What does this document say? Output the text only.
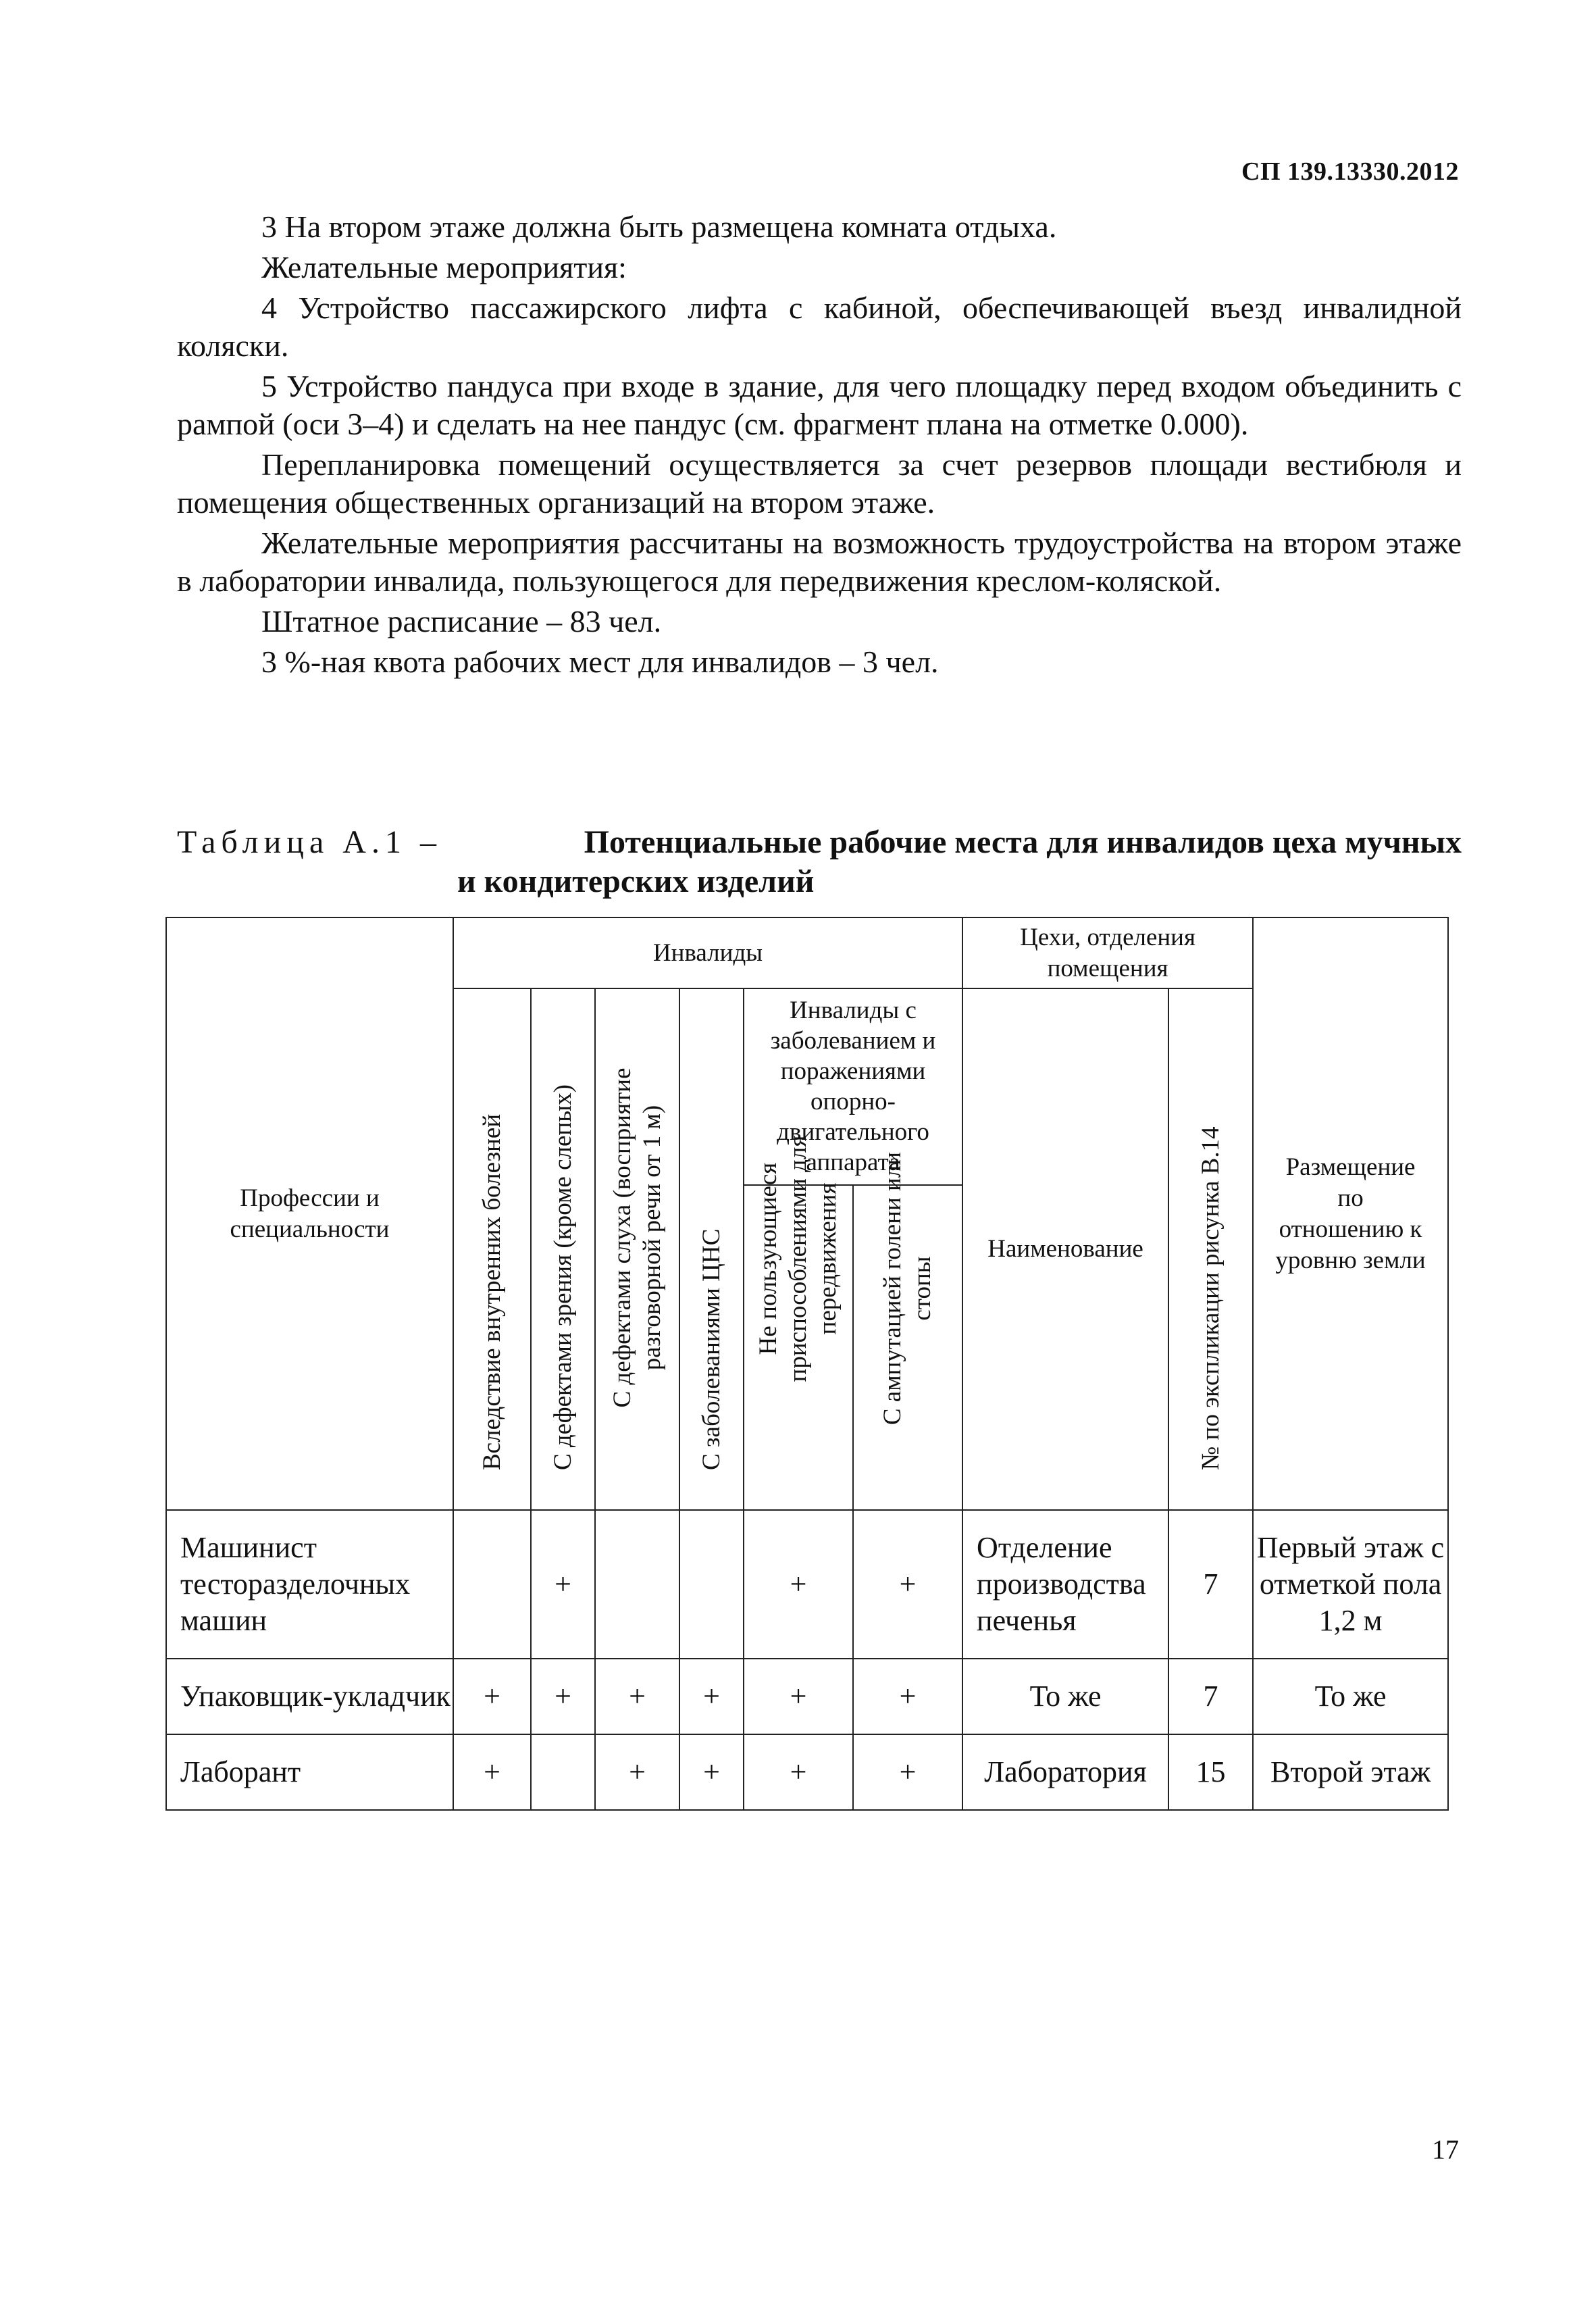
СП 139.13330.2012

3 На втором этаже должна быть размещена комната отдыха.

Желательные мероприятия:

4 Устройство пассажирского лифта с кабиной, обеспечивающей въезд инвалидной коляски.

5 Устройство пандуса при входе в здание, для чего площадку перед входом объединить с рампой (оси 3–4) и сделать на нее пандус (см. фрагмент плана на отметке 0.000).

Перепланировка помещений осуществляется за счет резервов площади вестибюля и помещения общественных организаций на втором этаже.

Желательные мероприятия рассчитаны на возможность трудоустройства на втором этаже в лаборатории инвалида, пользующегося для передвижения креслом-коляской.

Штатное расписание – 83 чел.

3 %-ная квота рабочих мест для инвалидов – 3 чел.

Таблица А.1 –	Потенциальные рабочие места для инвалидов цеха мучных
и кондитерских изделий
Профессии и специальности	Инвалиды						Цехи, отделения помещения		Размещение по отношению к уровню земли

	Вследствие внутренних болезней	С дефектами зрения (кроме слепых)	С дефектами слуха (восприятие разговорной речи от 1 м)	С заболеваниями ЦНС	Инвалиды с заболеванием и поражениями опорно-двигательного аппарата		Наименование	№ по экспликации рисунка В.14	

					Не пользующиеся приспособлениями для передвижения	С ампутацией голени или стопы			

Машинист тесторазделочных машин		+			+	+	Отделение производства печенья	7	Первый этаж с отметкой пола 1,2 м
Упаковщик-укладчик	+	+	+	+	+	+	То же	7	То же
Лаборант	+		+	+	+	+	Лаборатория	15	Второй этаж
17
